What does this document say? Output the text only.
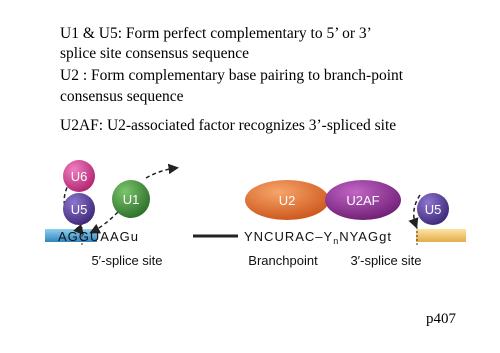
U1 & U5: Form perfect complementary to 5’ or 3’
splice site consensus sequence
U2 : Form complementary base pairing to branch-point
consensus sequence
U2AF: U2-associated factor recognizes 3’-spliced site
U6
U5
U1	U2	U2AF
U5
AGGUAAGu	YNCURAC–$Y_nNYAGgt$
5′-splice site	Branchpoint	3′-splice site
p407
